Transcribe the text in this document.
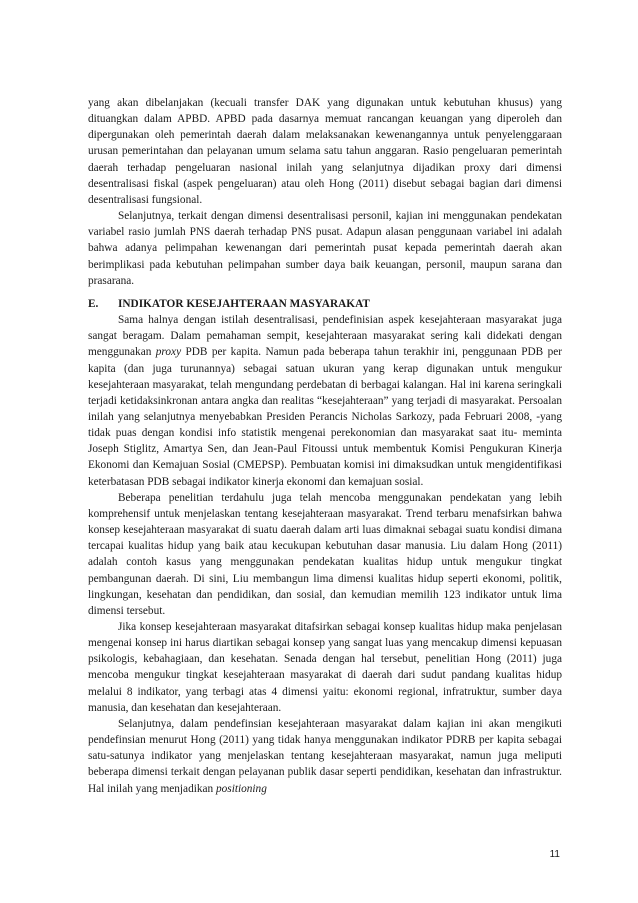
yang akan dibelanjakan (kecuali transfer DAK yang digunakan untuk kebutuhan khusus) yang dituangkan dalam APBD. APBD pada dasarnya memuat rancangan keuangan yang diperoleh dan dipergunakan oleh pemerintah daerah dalam melaksanakan kewenangannya untuk penyelenggaraan urusan pemerintahan dan pelayanan umum selama satu tahun anggaran. Rasio pengeluaran pemerintah daerah terhadap pengeluaran nasional inilah yang selanjutnya dijadikan proxy dari dimensi desentralisasi fiskal (aspek pengeluaran) atau oleh Hong (2011) disebut sebagai bagian dari dimensi desentralisasi fungsional.

Selanjutnya, terkait dengan dimensi desentralisasi personil, kajian ini menggunakan pendekatan variabel rasio jumlah PNS daerah terhadap PNS pusat. Adapun alasan penggunaan variabel ini adalah bahwa adanya pelimpahan kewenangan dari pemerintah pusat kepada pemerintah daerah akan berimplikasi pada kebutuhan pelimpahan sumber daya baik keuangan, personil, maupun sarana dan prasarana.

E.	INDIKATOR KESEJAHTERAAN MASYARAKAT

Sama halnya dengan istilah desentralisasi, pendefinisian aspek kesejahteraan masyarakat juga sangat beragam. Dalam pemahaman sempit, kesejahteraan masyarakat sering kali didekati dengan menggunakan proxy PDB per kapita. Namun pada beberapa tahun terakhir ini, penggunaan PDB per kapita (dan juga turunannya) sebagai satuan ukuran yang kerap digunakan untuk mengukur kesejahteraan masyarakat, telah mengundang perdebatan di berbagai kalangan. Hal ini karena seringkali terjadi ketidaksinkronan antara angka dan realitas “kesejahteraan” yang terjadi di masyarakat. Persoalan inilah yang selanjutnya menyebabkan Presiden Perancis Nicholas Sarkozy, pada Februari 2008, -yang tidak puas dengan kondisi info statistik mengenai perekonomian dan masyarakat saat itu- meminta Joseph Stiglitz, Amartya Sen, dan Jean-Paul Fitoussi untuk membentuk Komisi Pengukuran Kinerja Ekonomi dan Kemajuan Sosial (CMEPSP). Pembuatan komisi ini dimaksudkan untuk mengidentifikasi keterbatasan PDB sebagai indikator kinerja ekonomi dan kemajuan sosial.

Beberapa penelitian terdahulu juga telah mencoba menggunakan pendekatan yang lebih komprehensif untuk menjelaskan tentang kesejahteraan masyarakat. Trend terbaru menafsirkan bahwa konsep kesejahteraan masyarakat di suatu daerah dalam arti luas dimaknai sebagai suatu kondisi dimana tercapai kualitas hidup yang baik atau kecukupan kebutuhan dasar manusia. Liu dalam Hong (2011) adalah contoh kasus yang menggunakan pendekatan kualitas hidup untuk mengukur tingkat pembangunan daerah. Di sini, Liu membangun lima dimensi kualitas hidup seperti ekonomi, politik, lingkungan, kesehatan dan pendidikan, dan sosial, dan kemudian memilih 123 indikator untuk lima dimensi tersebut.

Jika konsep kesejahteraan masyarakat ditafsirkan sebagai konsep kualitas hidup maka penjelasan mengenai konsep ini harus diartikan sebagai konsep yang sangat luas yang mencakup dimensi kepuasan psikologis, kebahagiaan, dan kesehatan. Senada dengan hal tersebut, penelitian Hong (2011) juga mencoba mengukur tingkat kesejahteraan masyarakat di daerah dari sudut pandang kualitas hidup melalui 8 indikator, yang terbagi atas 4 dimensi yaitu: ekonomi regional, infratruktur, sumber daya manusia, dan kesehatan dan kesejahteraan.

Selanjutnya, dalam pendefinsian kesejahteraan masyarakat dalam kajian ini akan mengikuti pendefinsian menurut Hong (2011) yang tidak hanya menggunakan indikator PDRB per kapita sebagai satu-satunya indikator yang menjelaskan tentang kesejahteraan masyarakat, namun juga meliputi beberapa dimensi terkait dengan pelayanan publik dasar seperti pendidikan, kesehatan dan infrastruktur. Hal inilah yang menjadikan positioning

11
